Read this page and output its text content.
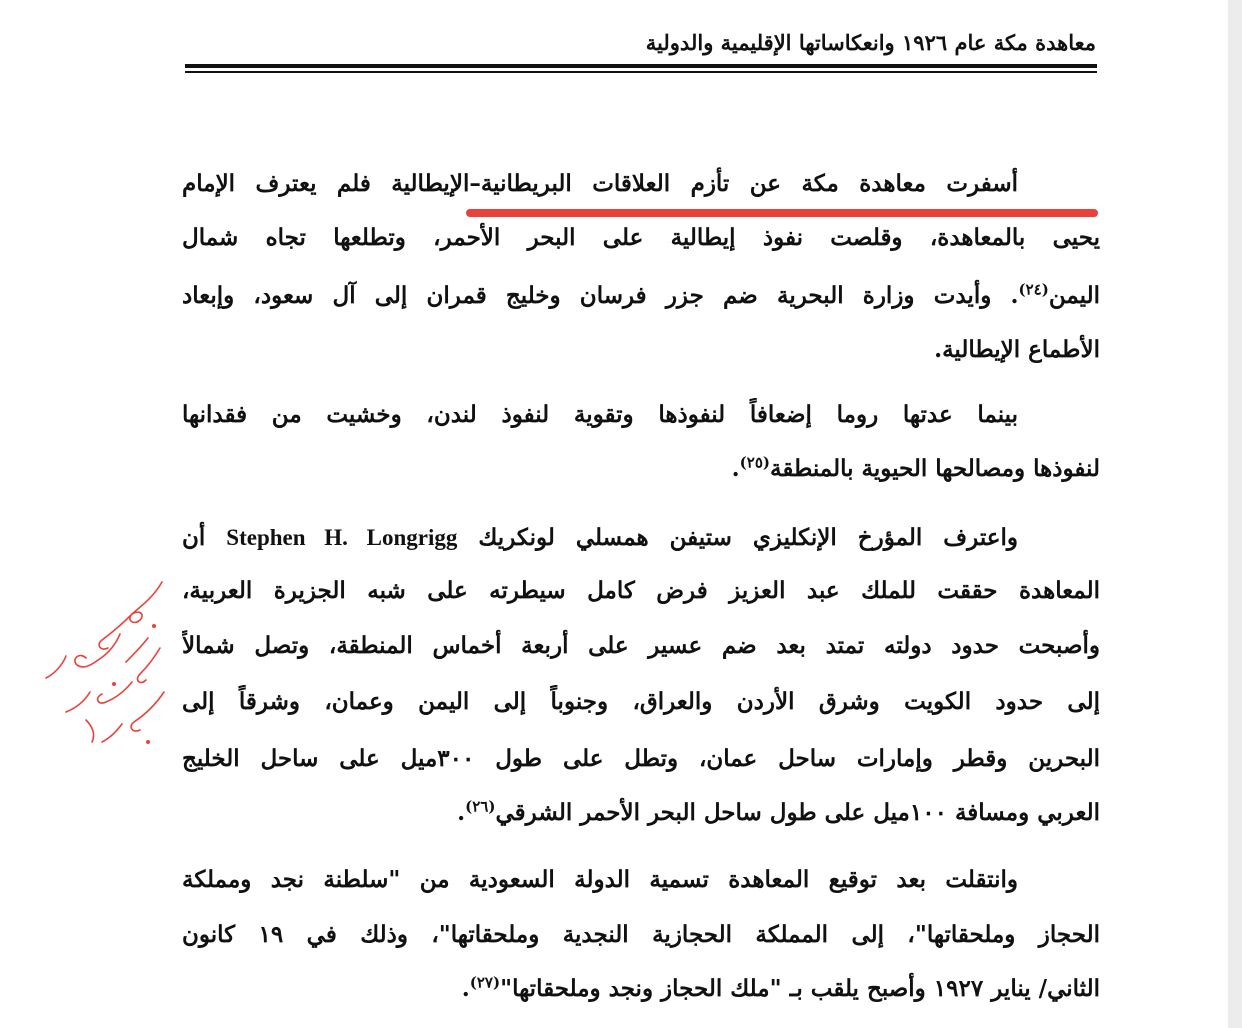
معاهدة مكة عام ١٩٢٦ وانعكاساتها الإقليمية والدولية
أسفرت معاهدة مكة عن تأزم العلاقات البريطانية–الإيطالية فلم يعترف الإمام
يحيى بالمعاهدة، وقلصت نفوذ إيطالية على البحر الأحمر، وتطلعها تجاه شمال
اليمن$^{(٢٤)}$. وأيدت وزارة البحرية ضم جزر فرسان وخليج قمران إلى آل سعود، وإبعاد
الأطماع الإيطالية.
بينما عدتها روما إضعافاً لنفوذها وتقوية لنفوذ لندن، وخشيت من فقدانها
لنفوذها ومصالحها الحيوية بالمنطقة$^{(٢٥)}$.
واعترف المؤرخ الإنكليزي ستيفن همسلي لونكريك Stephen H. Longrigg أن
المعاهدة حققت للملك عبد العزيز فرض كامل سيطرته على شبه الجزيرة العربية،
وأصبحت حدود دولته تمتد بعد ضم عسير على أربعة أخماس المنطقة، وتصل شمالاً
إلى حدود الكويت وشرق الأردن والعراق، وجنوباً إلى اليمن وعمان، وشرقاً إلى
البحرين وقطر وإمارات ساحل عمان، وتطل على طول ٣٠٠ميل على ساحل الخليج
العربي ومسافة ١٠٠ميل على طول ساحل البحر الأحمر الشرقي$^{(٢٦)}$.
وانتقلت بعد توقيع المعاهدة تسمية الدولة السعودية من "سلطنة نجد ومملكة
الحجاز وملحقاتها"، إلى المملكة الحجازية النجدية وملحقاتها"، وذلك في ١٩ كانون
الثاني/ يناير ١٩٢٧ وأصبح يلقب بـ "ملك الحجاز ونجد وملحقاتها"$^{(٢٧)}$.
